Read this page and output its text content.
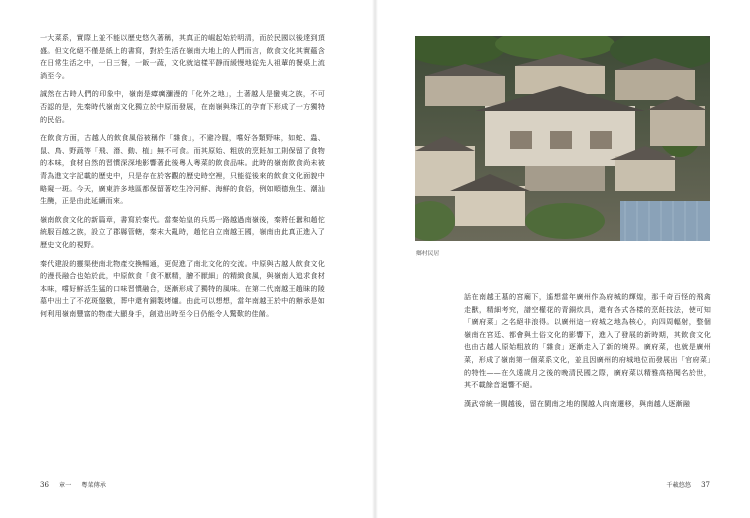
一大菜系，實際上並不能以歷史悠久著稱，其真正的崛起始於明清，而於民國以後達到頂盛。但文化絕不僅是紙上的書寫，對於生活在嶺南大地上的人們而言，飲食文化其實蘊含在日常生活之中，一日三餐，一飯一蔬，文化就這樣平靜而緩慢地從先人祖輩的餐桌上流淌至今。

誠然在古時人們的印象中，嶺南是瘴癘瀰漫的「化外之地」，土著越人是蠻夷之族，不可否認的是，先秦時代嶺南文化獨立於中原而發展，在南嶺與珠江的孕育下形成了一方獨特的民俗。

在飲食方面，古越人的飲食風俗被稱作「雜食」，不避冷腥，嚐好各類野味，如蛇、蟲、鼠、鳥、野蔬等「飛、潛、動、植」無不可食。而其原始、粗放的烹飪加工則保留了食物的本味，食材自然的習慣深深地影響著此後粵人粵菜的飲食品味。此時的嶺南飲食尚未被青為進文字記載的歷史中，只是存在於客觀的歷史時空裡，只能從後來的飲食文化面貌中略窺一斑。今天，廣東許多地區都保留著吃生冷河鮮、海鮮的食俗，例如順德魚生、潮汕生醃，正是由此延續而來。

嶺南飲食文化的新篇章，書寫於秦代。當秦始皇的兵馬一路越過南嶺後，秦將任囂和趙佗統服百越之族，設立了郡縣管轄，秦末大亂時，趙佗自立南越王國，嶺南由此真正進入了歷史文化的視野。

秦代建設的靈渠使南北物產交換暢通，更促進了南北文化的交流。中原與古越人飲食文化的漫長融合也始於此，中原飲食「食不厭精，膾不厭細」的精緻食風，與嶺南人追求食材本味，嚐好鮮活生猛的口味習慣融合，逐漸形成了獨特的風味。在第二代南越王趙昧的陵墓中出土了不花斑盤數，葬中還有銅製烤爐。由此可以想想，當年南越王於中的辦承是如何利用嶺南豐富的物產大顯身手，創造出時至今日仍能令人驚歎的佳餚。

36 章一 粵菜傳承
鄉村民居

話在南越王墓的宮廟下，遙想當年廣州作為府城的輝煌，那千奇百怪的飛禽走獸，精細考究，譜空權花的青銅炊具，還有各式各樣的烹飪技法，使可知「廣府菜」之名絕非浪得。以廣州這一府城之地為核心，向四周輻射，整個嶺南在宮廷、都會與土俗文化的影響下，進入了發展的新時期，其飲食文化也由古越人原始粗放的「雜食」逐漸走入了新的境界。廣府菜，也就是廣州菜，形成了嶺南第一個菜系文化，並且因廣州的府城地位而發展出「官府菜」的特性——在久遠歲月之後的晚清民國之際，廣府菜以精雅高格聞名於世，其不載餘音迴響不絕。

漢武帝統一閩越後，留在閩南之地的閩越人向南遷移，與南越人逐漸融

千載悠悠 37
